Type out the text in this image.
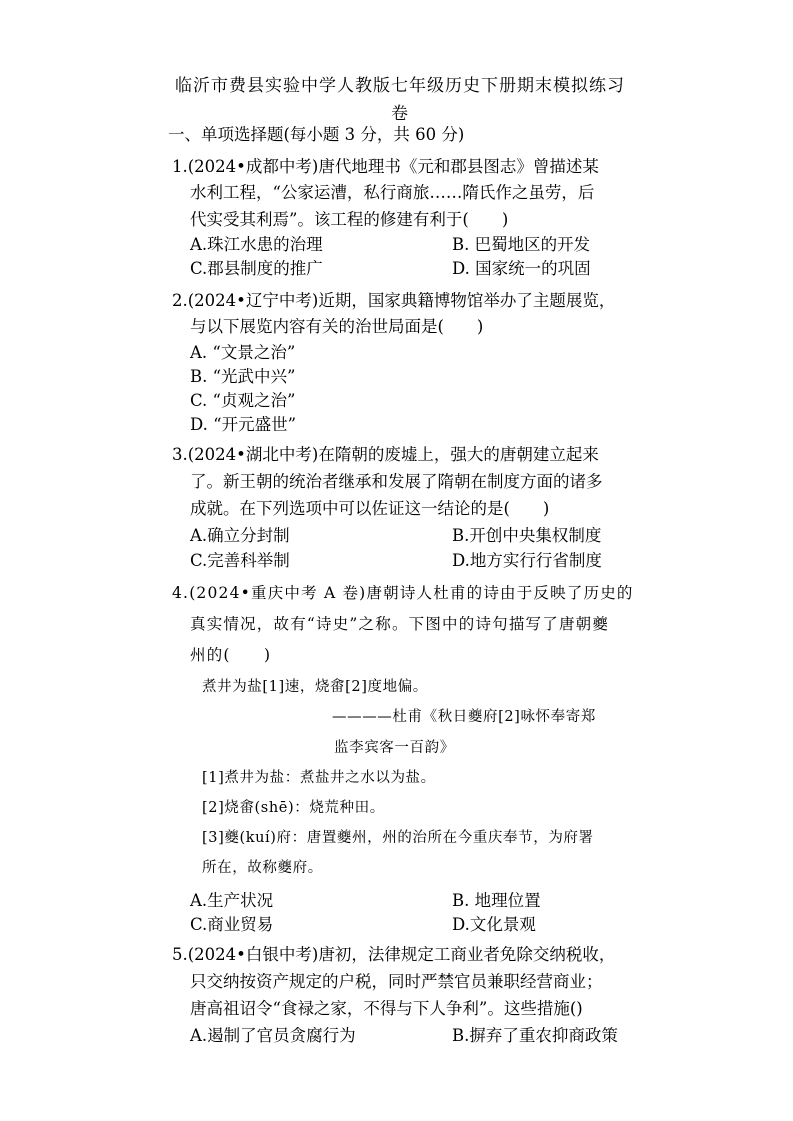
临沂市费县实验中学人教版七年级历史下册期末模拟练习
卷
一、单项选择题(每小题 3 分，共 60 分)
1.(2024•成都中考)唐代地理书《元和郡县图志》曾描述某
水利工程，“公家运漕，私行商旅……隋氏作之虽劳，后
代实受其利焉”。该工程的修建有利于(　　)
A.珠江水患的治理	B. 巴蜀地区的开发
C.郡县制度的推广	D. 国家统一的巩固
2.(2024•辽宁中考)近期，国家典籍博物馆举办了主题展览，
与以下展览内容有关的治世局面是(　　)
A. “文景之治”
B. “光武中兴”
C. “贞观之治”
D. “开元盛世”
3.(2024•湖北中考)在隋朝的废墟上，强大的唐朝建立起来
了。新王朝的统治者继承和发展了隋朝在制度方面的诸多
成就。在下列选项中可以佐证这一结论的是(　　)
A.确立分封制	B.开创中央集权制度
C.完善科举制	D.地方实行行省制度
4.(2024•重庆中考 A 卷)唐朝诗人杜甫的诗由于反映了历史的
真实情况，故有“诗史”之称。下图中的诗句描写了唐朝夔
州的(　　)
煮井为盐[1]速，烧畬[2]度地偏。
————杜甫《秋日夔府[2]咏怀奉寄郑
监李宾客一百韵》
[1]煮井为盐：煮盐井之水以为盐。
[2]烧畬(shē)：烧荒种田。
[3]夔(kuí)府：唐置夔州，州的治所在今重庆奉节，为府署
所在，故称夔府。
A.生产状况	B. 地理位置
C.商业贸易	D.文化景观
5.(2024•白银中考)唐初，法律规定工商业者免除交纳税收，
只交纳按资产规定的户税，同时严禁官员兼职经营商业；
唐高祖诏令“食禄之家，不得与下人争利”。这些措施()
A.遏制了官员贪腐行为	B.摒弃了重农抑商政策
